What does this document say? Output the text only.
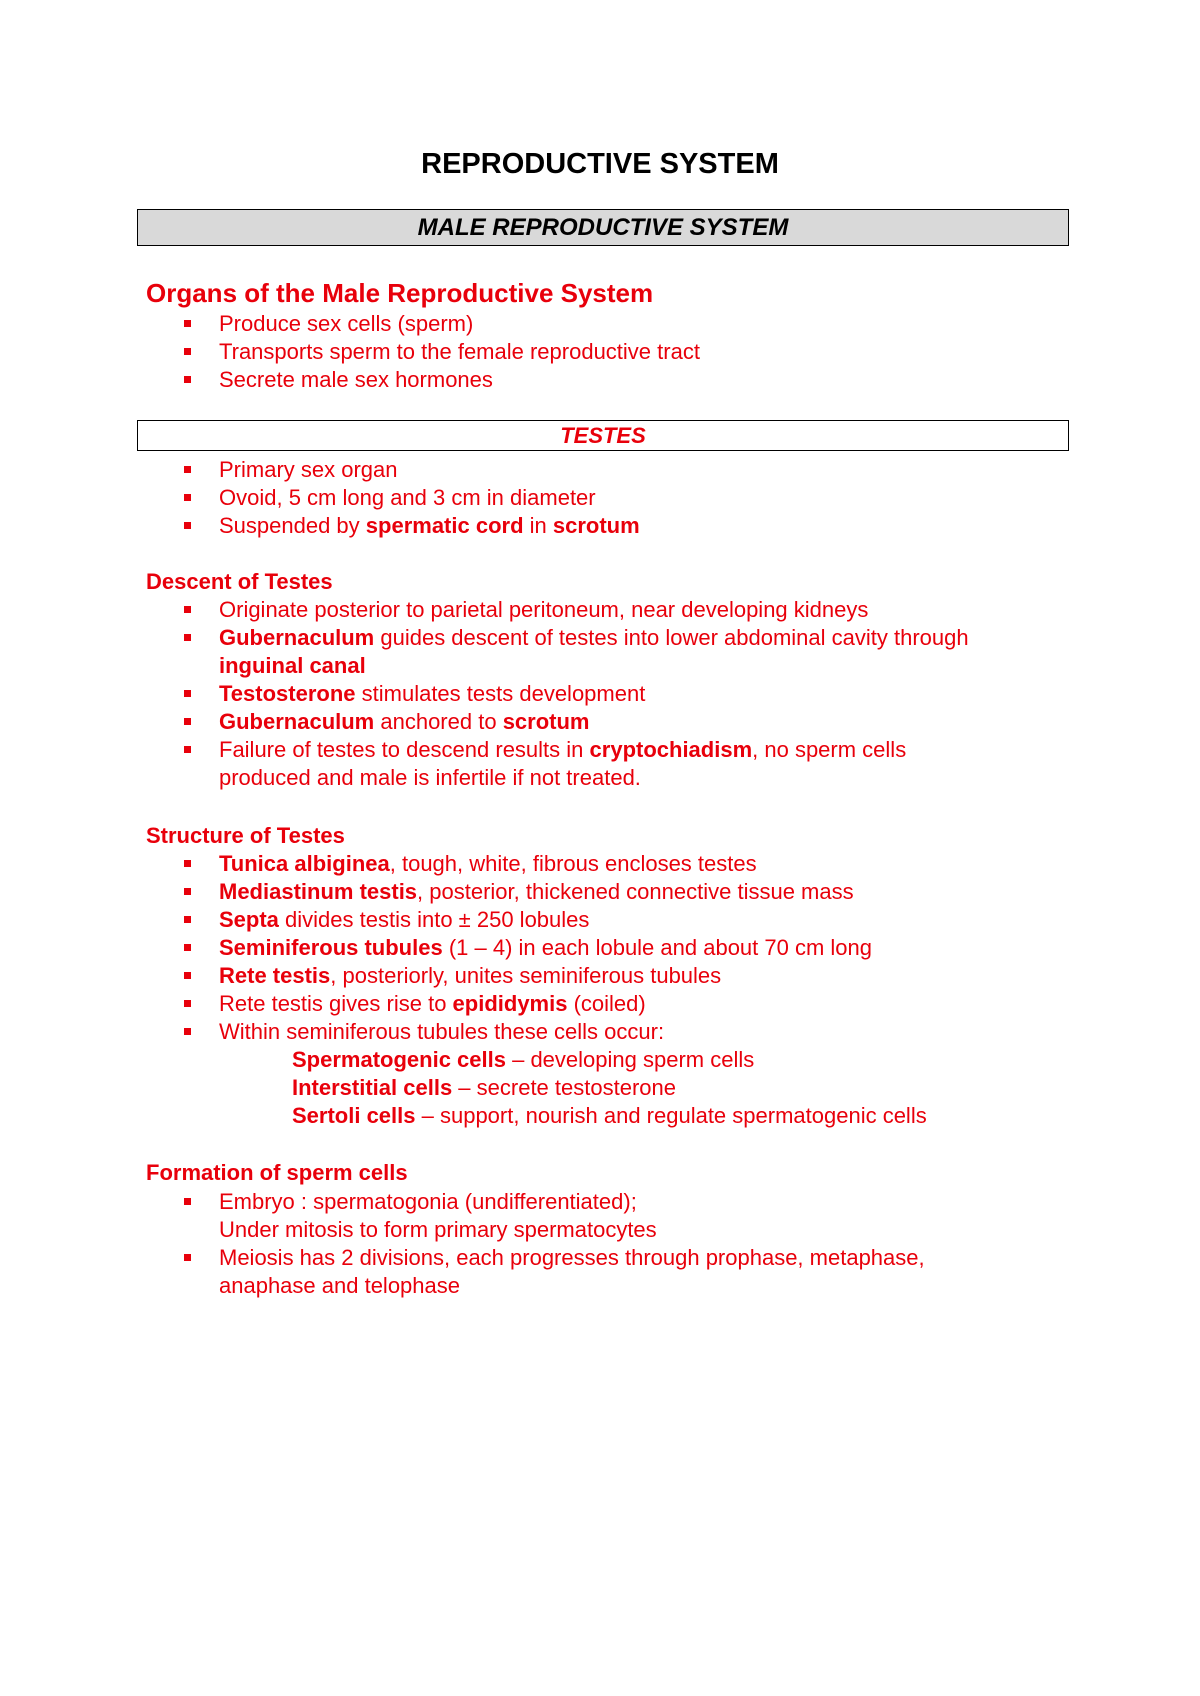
REPRODUCTIVE SYSTEM
MALE REPRODUCTIVE SYSTEM
Organs of the Male Reproductive System
Produce sex cells (sperm)
Transports sperm to the female reproductive tract
Secrete male sex hormones
TESTES
Primary sex organ
Ovoid, 5 cm long and 3 cm in diameter
Suspended by spermatic cord in scrotum
Descent of Testes
Originate posterior to parietal peritoneum, near developing kidneys
Gubernaculum guides descent of testes into lower abdominal cavity through
inguinal canal
Testosterone stimulates tests development
Gubernaculum anchored to scrotum
Failure of testes to descend results in cryptochiadism, no sperm cells
produced and male is infertile if not treated.
Structure of Testes
Tunica albiginea, tough, white, fibrous encloses testes
Mediastinum testis, posterior, thickened connective tissue mass
Septa divides testis into ± 250 lobules
Seminiferous tubules (1 – 4) in each lobule and about 70 cm long
Rete testis, posteriorly, unites seminiferous tubules
Rete testis gives rise to epididymis (coiled)
Within seminiferous tubules these cells occur:
Spermatogenic cells – developing sperm cells
Interstitial cells – secrete testosterone
Sertoli cells – support, nourish and regulate spermatogenic cells
Formation of sperm cells
Embryo : spermatogonia (undifferentiated);
Under mitosis to form primary spermatocytes
Meiosis has 2 divisions, each progresses through prophase, metaphase,
anaphase and telophase
